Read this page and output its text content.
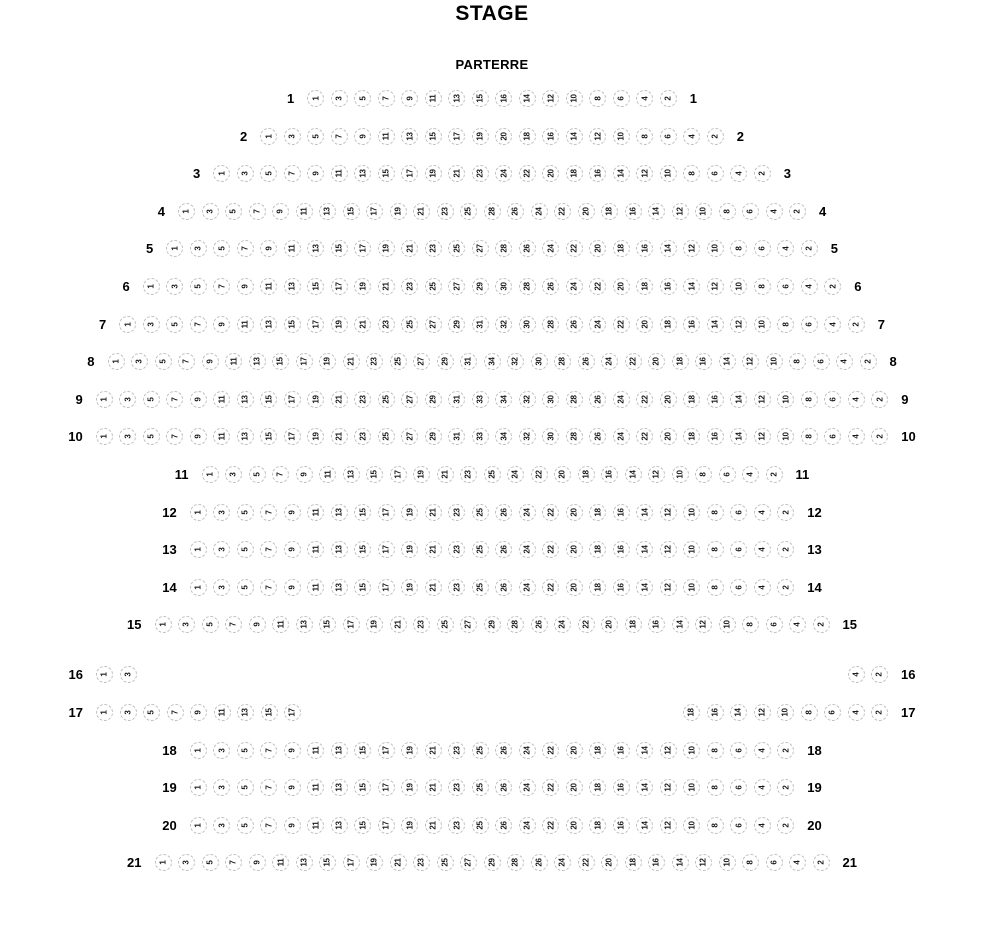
STAGE
PARTERRE
1 1 3 5 7 9 11 13 15 16 14 12 10 8 6 4 2 1
2 1 3 5 7 9 11 13 15 17 19 20 18 16 14 12 10 8 6 4 2 2
3 1 3 5 7 9 11 13 15 17 19 21 23 24 22 20 18 16 14 12 10 8 6 4 2 3
4 1 3 5 7 9 11 13 15 17 19 21 23 25 28 26 24 22 20 18 16 14 12 10 8 6 4 2 4
5 1 3 5 7 9 11 13 15 17 19 21 23 25 27 28 26 24 22 20 18 16 14 12 10 8 6 4 2 5
6 1 3 5 7 9 11 13 15 17 19 21 23 25 27 29 30 28 26 24 22 20 18 16 14 12 10 8 6 4 2 6
7 1 3 5 7 9 11 13 15 17 19 21 23 25 27 29 31 32 30 28 26 24 22 20 18 16 14 12 10 8 6 4 2 7
8 1 3 5 7 9 11 13 15 17 19 21 23 25 27 29 31 34 32 30 28 26 24 22 20 18 16 14 12 10 8 6 4 2 8
9 1 3 5 7 9 11 13 15 17 19 21 23 25 27 29 31 33 34 32 30 28 26 24 22 20 18 16 14 12 10 8 6 4 2 9
10 1 3 5 7 9 11 13 15 17 19 21 23 25 27 29 31 33 34 32 30 28 26 24 22 20 18 16 14 12 10 8 6 4 2 10
11 1 3 5 7 9 11 13 15 17 19 21 23 25 24 22 20 18 16 14 12 10 8 6 4 2 11
12 1 3 5 7 9 11 13 15 17 19 21 23 25 26 24 22 20 18 16 14 12 10 8 6 4 2 12
13 1 3 5 7 9 11 13 15 17 19 21 23 25 26 24 22 20 18 16 14 12 10 8 6 4 2 13
14 1 3 5 7 9 11 13 15 17 19 21 23 25 26 24 22 20 18 16 14 12 10 8 6 4 2 14
15 1 3 5 7 9 11 13 15 17 19 21 23 25 27 29 28 26 24 22 20 18 16 14 12 10 8 6 4 2 15
16 1 3	4 2 16
17 1 3 5 7 9 11 13 15 17	18 16 14 12 10 8 6 4 2 17
18 1 3 5 7 9 11 13 15 17 19 21 23 25 26 24 22 20 18 16 14 12 10 8 6 4 2 18
19 1 3 5 7 9 11 13 15 17 19 21 23 25 26 24 22 20 18 16 14 12 10 8 6 4 2 19
20 1 3 5 7 9 11 13 15 17 19 21 23 25 26 24 22 20 18 16 14 12 10 8 6 4 2 20
21 1 3 5 7 9 11 13 15 17 19 21 23 25 27 29 28 26 24 22 20 18 16 14 12 10 8 6 4 2 21
